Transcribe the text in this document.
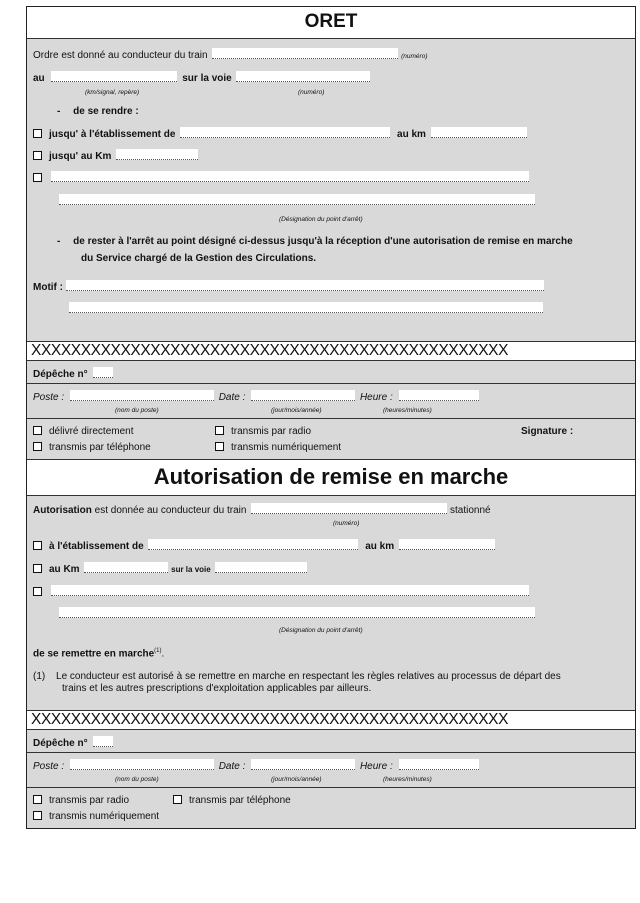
ORET
Ordre est donné au conducteur du train	(numéro)
au	sur la voie
(km/signal, repère)	(numéro)
- de se rendre :
jusqu' à l'établissement de	au km
jusqu' au Km
(Désignation du point d'arrêt)
- de rester à l'arrêt au point désigné ci-dessus jusqu'à la réception d'une autorisation de remise en marche
du Service chargé de la Gestion des Circulations.
Motif :
XXXXXXXXXXXXXXXXXXXXXXXXXXXXXXXXXXXXXXXXXXXXXXXX
Dépêche n°
Poste :	Date :	Heure :
(nom du poste)	(jour/mois/année)	(heures/minutes)
délivré directement	transmis par radio	Signature :
transmis par téléphone	transmis numériquement
Autorisation de remise en marche
Autorisation est donnée au conducteur du train	stationné
(numéro)
à l'établissement de	au km
au Km	sur la voie
(Désignation du point d'arrêt)
de se remettre en marche$^{(1)}$.
(1) Le conducteur est autorisé à se remettre en marche en respectant les règles relatives au processus de départ des
trains et les autres prescriptions d'exploitation applicables par ailleurs.
XXXXXXXXXXXXXXXXXXXXXXXXXXXXXXXXXXXXXXXXXXXXXXXX
Dépêche n°
Poste :	Date :	Heure :
(nom du poste)	(jour/mois/année)	(heures/minutes)
transmis par radio	transmis par téléphone
transmis numériquement
